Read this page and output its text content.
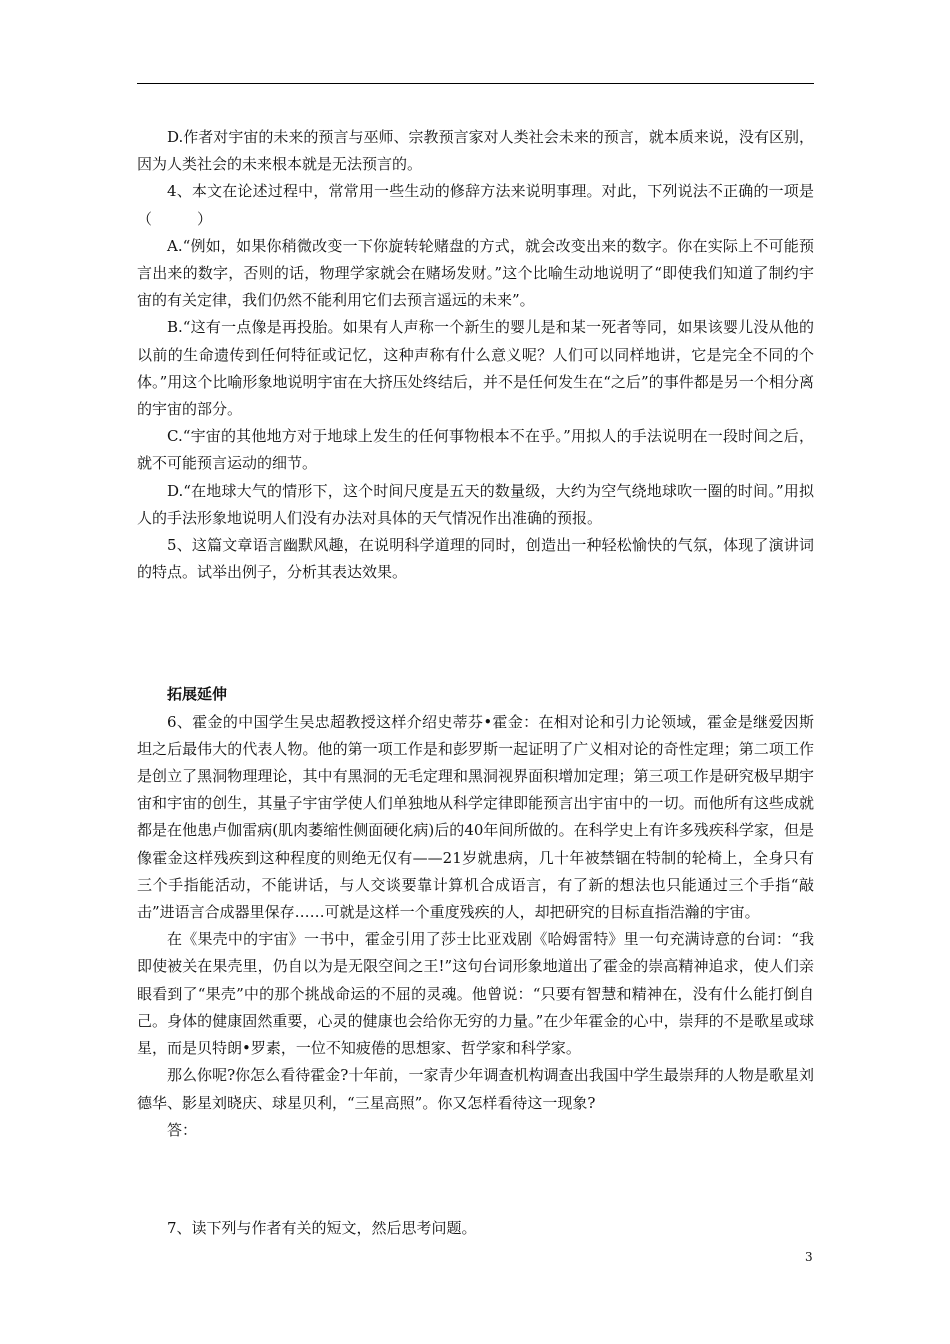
D.作者对宇宙的未来的预言与巫师、宗教预言家对人类社会未来的预言，就本质来说，没有区别，因为人类社会的未来根本就是无法预言的。

4、本文在论述过程中，常常用一些生动的修辞方法来说明事理。对此，下列说法不正确的一项是（　　　）

A.“例如，如果你稍微改变一下你旋转轮赌盘的方式，就会改变出来的数字。你在实际上不可能预言出来的数字，否则的话，物理学家就会在赌场发财。”这个比喻生动地说明了“即使我们知道了制约宇宙的有关定律，我们仍然不能利用它们去预言遥远的未来”。

B.“这有一点像是再投胎。如果有人声称一个新生的婴儿是和某一死者等同，如果该婴儿没从他的以前的生命遗传到任何特征或记忆，这种声称有什么意义呢？人们可以同样地讲，它是完全不同的个体。”用这个比喻形象地说明宇宙在大挤压处终结后，并不是任何发生在“之后”的事件都是另一个相分离的宇宙的部分。

C.“宇宙的其他地方对于地球上发生的任何事物根本不在乎。”用拟人的手法说明在一段时间之后，就不可能预言运动的细节。

D.“在地球大气的情形下，这个时间尺度是五天的数量级，大约为空气绕地球吹一圈的时间。”用拟人的手法形象地说明人们没有办法对具体的天气情况作出准确的预报。

5、这篇文章语言幽默风趣，在说明科学道理的同时，创造出一种轻松愉快的气氛，体现了演讲词的特点。试举出例子，分析其表达效果。

拓展延伸

6、霍金的中国学生吴忠超教授这样介绍史蒂芬•霍金：在相对论和引力论领域，霍金是继爱因斯坦之后最伟大的代表人物。他的第一项工作是和彭罗斯一起证明了广义相对论的奇性定理；第二项工作是创立了黑洞物理理论，其中有黑洞的无毛定理和黑洞视界面积增加定理；第三项工作是研究极早期宇宙和宇宙的创生，其量子宇宙学使人们单独地从科学定律即能预言出宇宙中的一切。而他所有这些成就都是在他患卢伽雷病(肌肉萎缩性侧面硬化病)后的40年间所做的。在科学史上有许多残疾科学家，但是像霍金这样残疾到这种程度的则绝无仅有——21岁就患病，几十年被禁锢在特制的轮椅上，全身只有三个手指能活动，不能讲话，与人交谈要靠计算机合成语言，有了新的想法也只能通过三个手指“敲击”进语言合成器里保存……可就是这样一个重度残疾的人，却把研究的目标直指浩瀚的宇宙。

在《果壳中的宇宙》一书中，霍金引用了莎士比亚戏剧《哈姆雷特》里一句充满诗意的台词：“我即使被关在果壳里，仍自以为是无限空间之王!”这句台词形象地道出了霍金的崇高精神追求，使人们亲眼看到了“果壳”中的那个挑战命运的不屈的灵魂。他曾说：“只要有智慧和精神在，没有什么能打倒自己。身体的健康固然重要，心灵的健康也会给你无穷的力量。”在少年霍金的心中，崇拜的不是歌星或球星，而是贝特朗•罗素，一位不知疲倦的思想家、哲学家和科学家。

那么你呢?你怎么看待霍金?十年前，一家青少年调查机构调查出我国中学生最崇拜的人物是歌星刘德华、影星刘晓庆、球星贝利，“三星高照”。你又怎样看待这一现象?

答：

7、读下列与作者有关的短文，然后思考问题。

3
